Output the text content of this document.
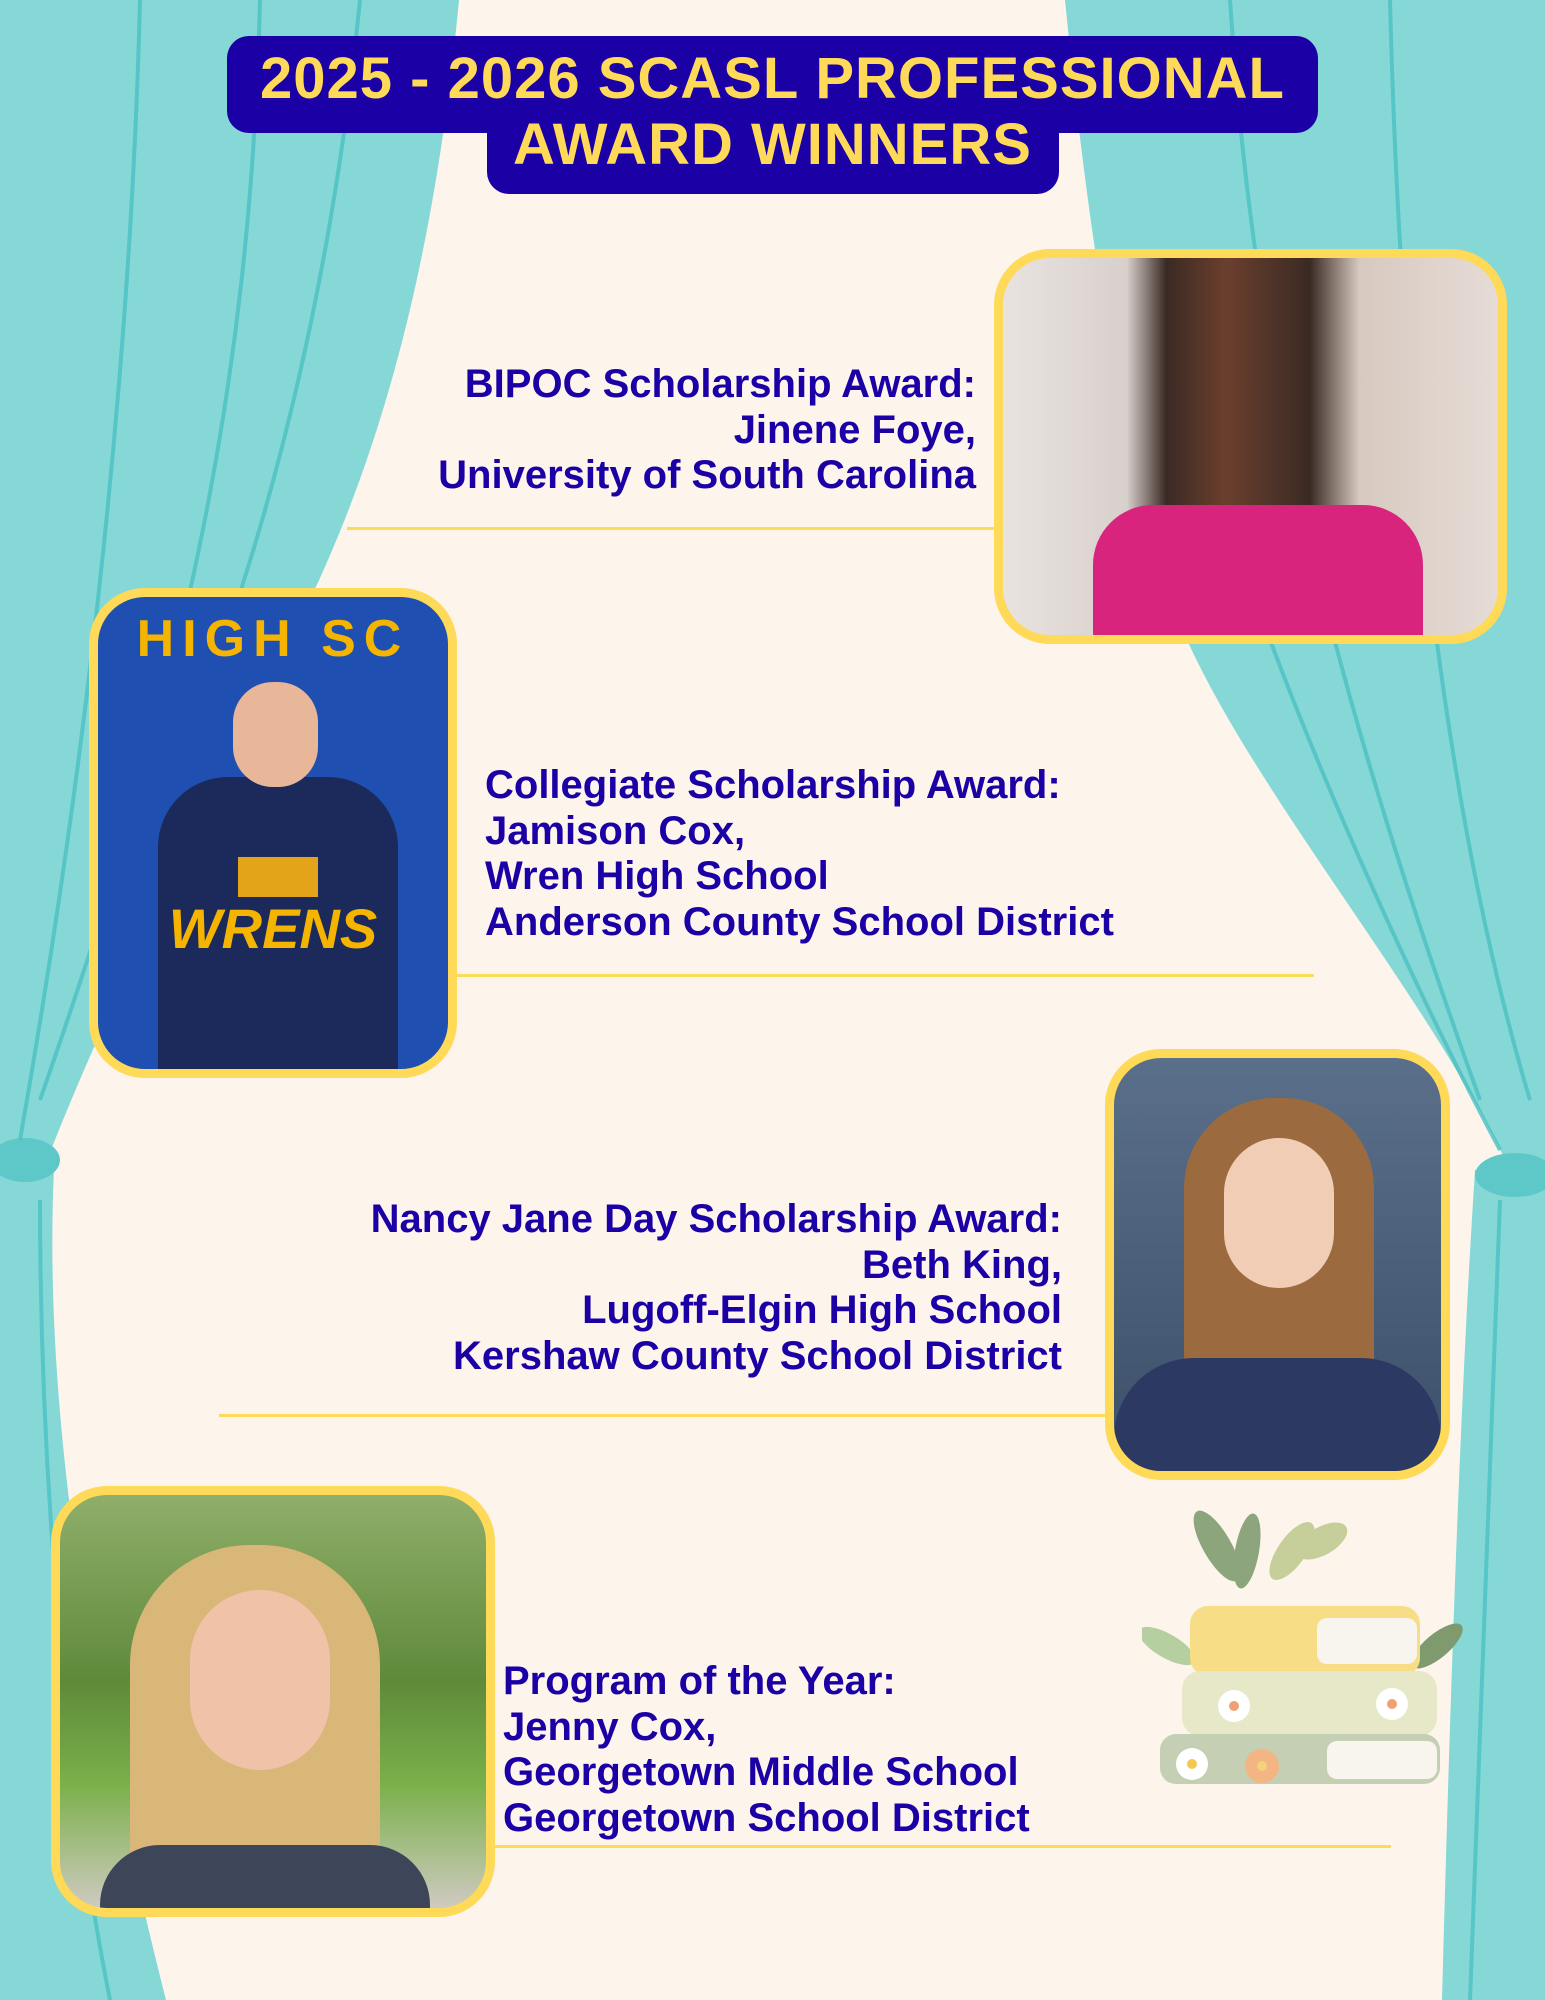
2025 - 2026 SCASL PROFESSIONAL
AWARD WINNERS
BIPOC Scholarship Award:
Jinene Foye,
University of South Carolina
HIGH SC
WRENS
Collegiate Scholarship Award:
Jamison Cox,
Wren High School
Anderson County School District
Nancy Jane Day Scholarship Award:
Beth King,
Lugoff-Elgin High School
Kershaw County School District
Program of the Year:
Jenny Cox,
Georgetown Middle School
Georgetown School District
